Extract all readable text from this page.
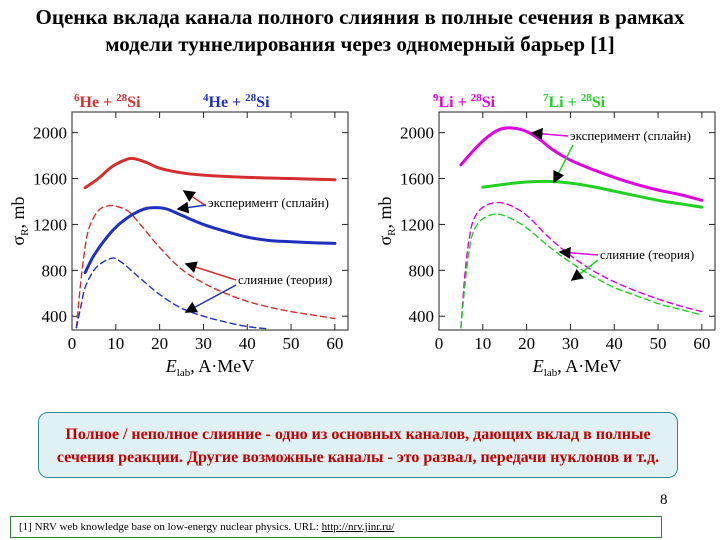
Оценка вклада канала полного слияния в полные сечения в рамках модели туннелирования через одномерный барьер [1]
0 10 20 30 40 50 60
400
800
1200
1600
2000
$E_{lab}$, A·MeV
$\sigma_R$, mb
$^6$He + $^{28}$Si	$^4$He + $^{28}$Si
эксперимент (сплайн)
слияние (теория)
0 10 20 30 40 50 60
400
800
1200
1600
2000
$E_{lab}$, A·MeV
$\sigma_R$, mb
$^9$Li + $^{28}$Si	$^7$Li + $^{28}$Si
эксперимент (сплайн)
слияние (теория)
Полное / неполное слияние - одно из основных каналов, дающих вклад в полные сечения реакции. Другие возможные каналы - это развал, передачи нуклонов и т.д.
8
[1] NRV web knowledge base on low-energy nuclear physics. URL: http://nrv.jinr.ru/
